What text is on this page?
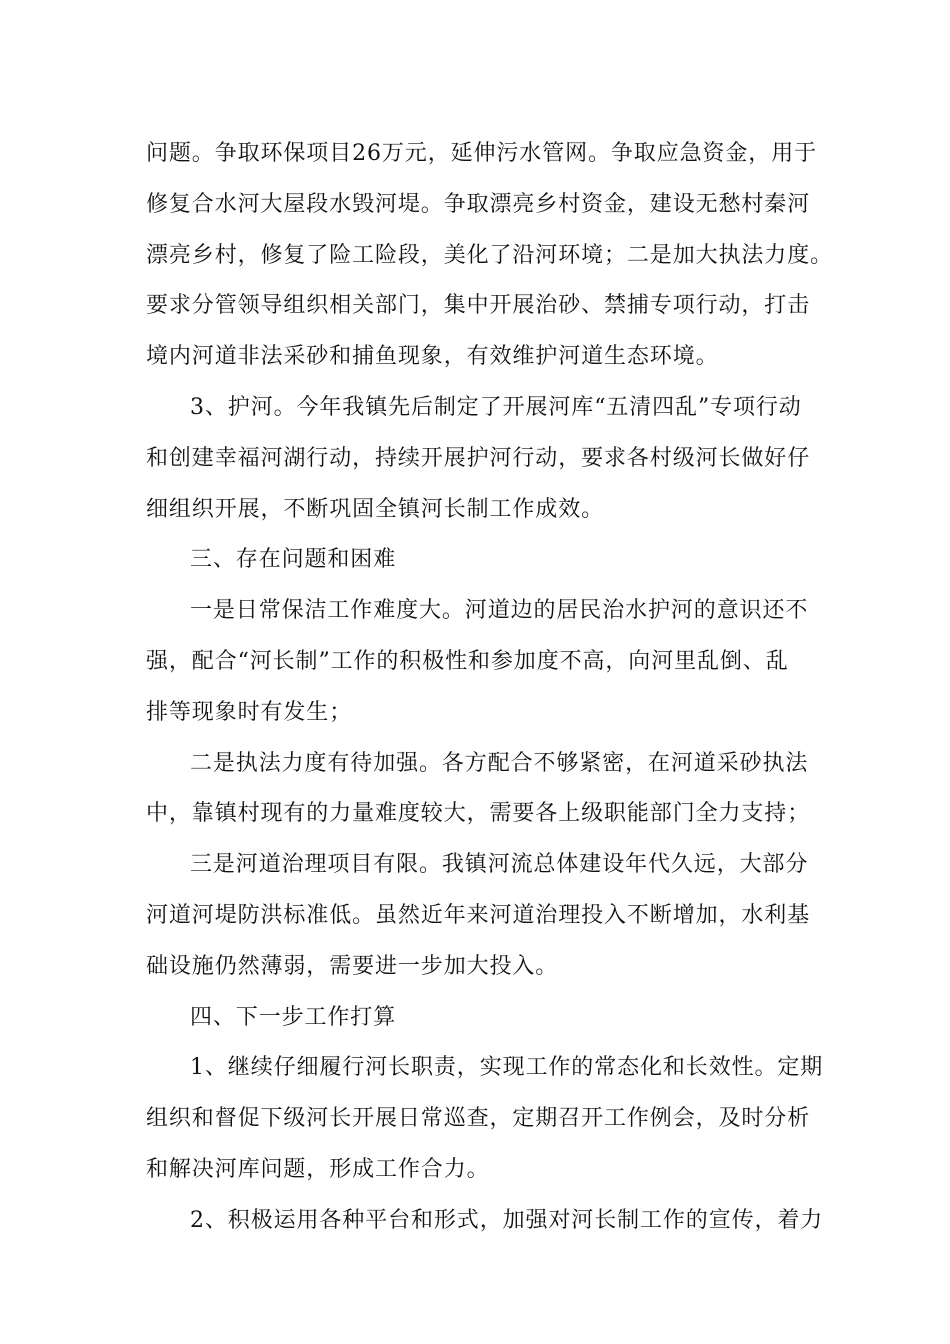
问题。争取环保项目26万元，延伸污水管网。争取应急资金，用于
修复合水河大屋段水毁河堤。争取漂亮乡村资金，建设无愁村秦河
漂亮乡村，修复了险工险段，美化了沿河环境；二是加大执法力度。
要求分管领导组织相关部门，集中开展治砂、禁捕专项行动，打击
境内河道非法采砂和捕鱼现象，有效维护河道生态环境。
3、护河。今年我镇先后制定了开展河库“五清四乱”专项行动
和创建幸福河湖行动，持续开展护河行动，要求各村级河长做好仔
细组织开展，不断巩固全镇河长制工作成效。
三、存在问题和困难
一是日常保洁工作难度大。河道边的居民治水护河的意识还不
强，配合“河长制”工作的积极性和参加度不高，向河里乱倒、乱
排等现象时有发生；
二是执法力度有待加强。各方配合不够紧密，在河道采砂执法
中，靠镇村现有的力量难度较大，需要各上级职能部门全力支持；
三是河道治理项目有限。我镇河流总体建设年代久远，大部分
河道河堤防洪标准低。虽然近年来河道治理投入不断增加，水利基
础设施仍然薄弱，需要进一步加大投入。
四、下一步工作打算
1、继续仔细履行河长职责，实现工作的常态化和长效性。定期
组织和督促下级河长开展日常巡查，定期召开工作例会，及时分析
和解决河库问题，形成工作合力。
2、积极运用各种平台和形式，加强对河长制工作的宣传，着力
